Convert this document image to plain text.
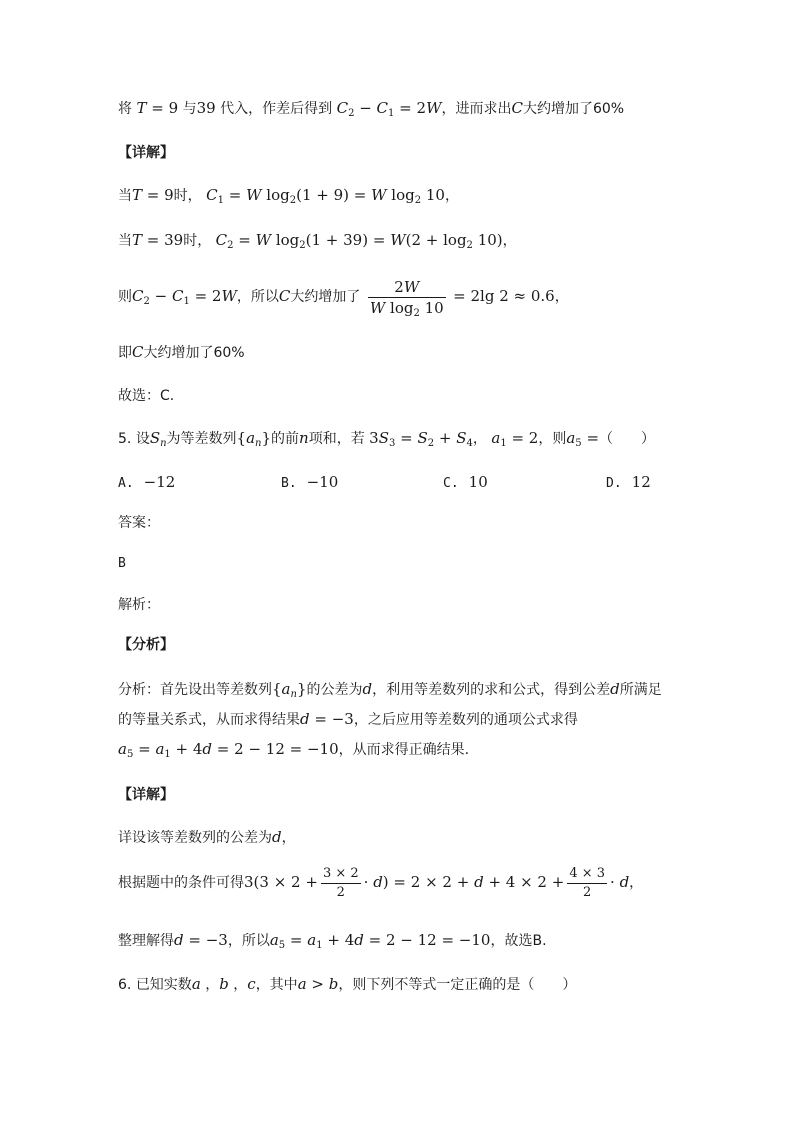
将 T = 9 与39 代入，作差后得到 $C_2 - C_1 = 2W$，进而求出C大约增加了60%
【详解】
当T = 9时， $C_1 = W$ $\log_2(1 + 9) = W$ $\log_2 10$，
当T = 39时， $C_2 = W$ $\log_2(1 + 39) = W(2 + \log_2 10)$，
则$C_2 - C_1 = 2W$，所以C大约增加了 $\frac{2W}{W \log_2 10} = 2\lg$ 2 ≈ 0.6，
即C大约增加了60%
故选：C.
5. 设$S_n$为等差数列$\{a_n\}$的前n项和，若 $3S_3 = S_2 + S_4$， $a_1 = 2$，则$a_5$ =（　　）
A. −12	B. −10	C. 10	D. 12
答案：
B
解析：
【分析】
分析：首先设出等差数列$\{a_n\}$的公差为d，利用等差数列的求和公式，得到公差d所满足
的等量关系式，从而求得结果d = −3，之后应用等差数列的通项公式求得
$a_5 = a_1 + 4d = 2 - 12 = -10$，从而求得正确结果.
【详解】
详设该等差数列的公差为d，
根据题中的条件可得$3(3 \times 2 + \frac{3 \times 2}{2} \cdot d) = 2 \times 2 + d + 4 \times 2 + \frac{4 \times 3}{2} \cdot d$，
整理解得d = −3，所以$a_5 = a_1 + 4d = 2 - 12 = -10$，故选B.
6. 已知实数a ，b ，c，其中a > b，则下列不等式一定正确的是（　　）
